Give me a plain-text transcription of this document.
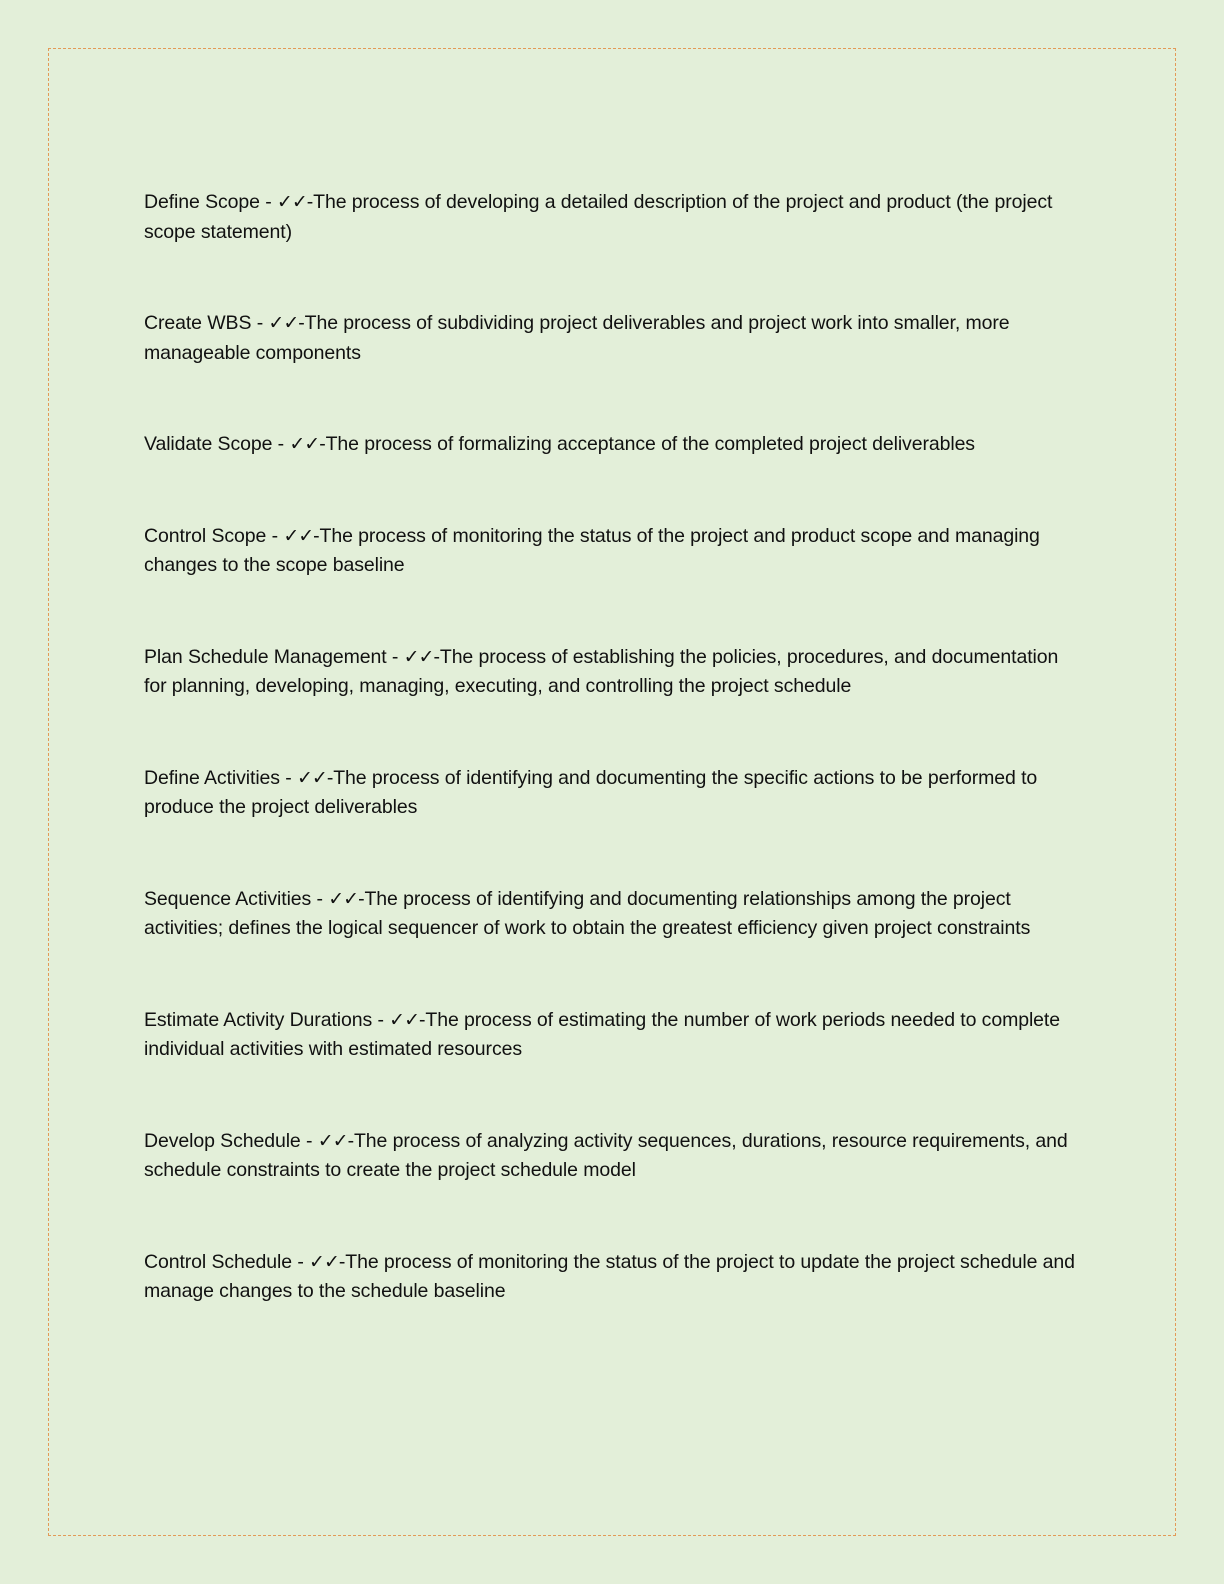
Define Scope - ✓✓-The process of developing a detailed description of the project and product (the project scope statement)

Create WBS - ✓✓-The process of subdividing project deliverables and project work into smaller, more manageable components

Validate Scope - ✓✓-The process of formalizing acceptance of the completed project deliverables

Control Scope - ✓✓-The process of monitoring the status of the project and product scope and managing changes to the scope baseline

Plan Schedule Management - ✓✓-The process of establishing the policies, procedures, and documentation for planning, developing, managing, executing, and controlling the project schedule

Define Activities - ✓✓-The process of identifying and documenting the specific actions to be performed to produce the project deliverables

Sequence Activities - ✓✓-The process of identifying and documenting relationships among the project activities; defines the logical sequencer of work to obtain the greatest efficiency given project constraints

Estimate Activity Durations - ✓✓-The process of estimating the number of work periods needed to complete individual activities with estimated resources

Develop Schedule - ✓✓-The process of analyzing activity sequences, durations, resource requirements, and schedule constraints to create the project schedule model

Control Schedule - ✓✓-The process of monitoring the status of the project to update the project schedule and manage changes to the schedule baseline
